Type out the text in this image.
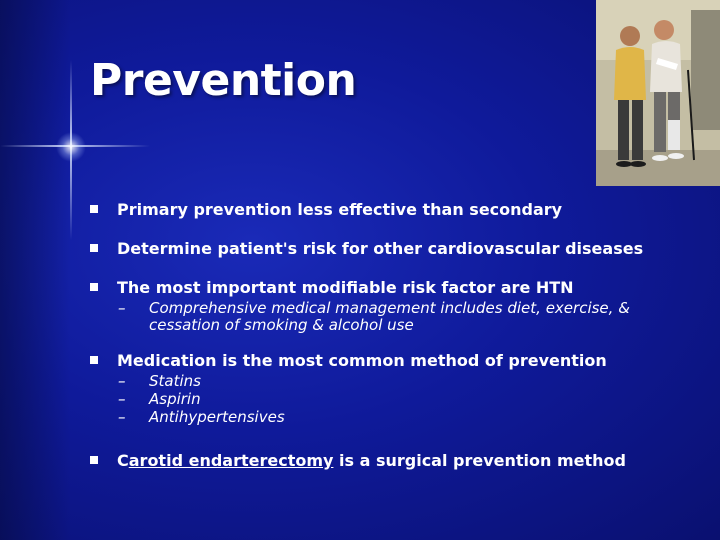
Prevention
Primary prevention less effective than secondary
Determine patient's risk for other cardiovascular diseases
The most important modifiable risk factor are HTN
–	Comprehensive medical management includes diet, exercise, & cessation of smoking & alcohol use
Medication is the most common method of prevention
–	Statins
–	Aspirin
–	Antihypertensives
Carotid endarterectomy is a surgical prevention method
